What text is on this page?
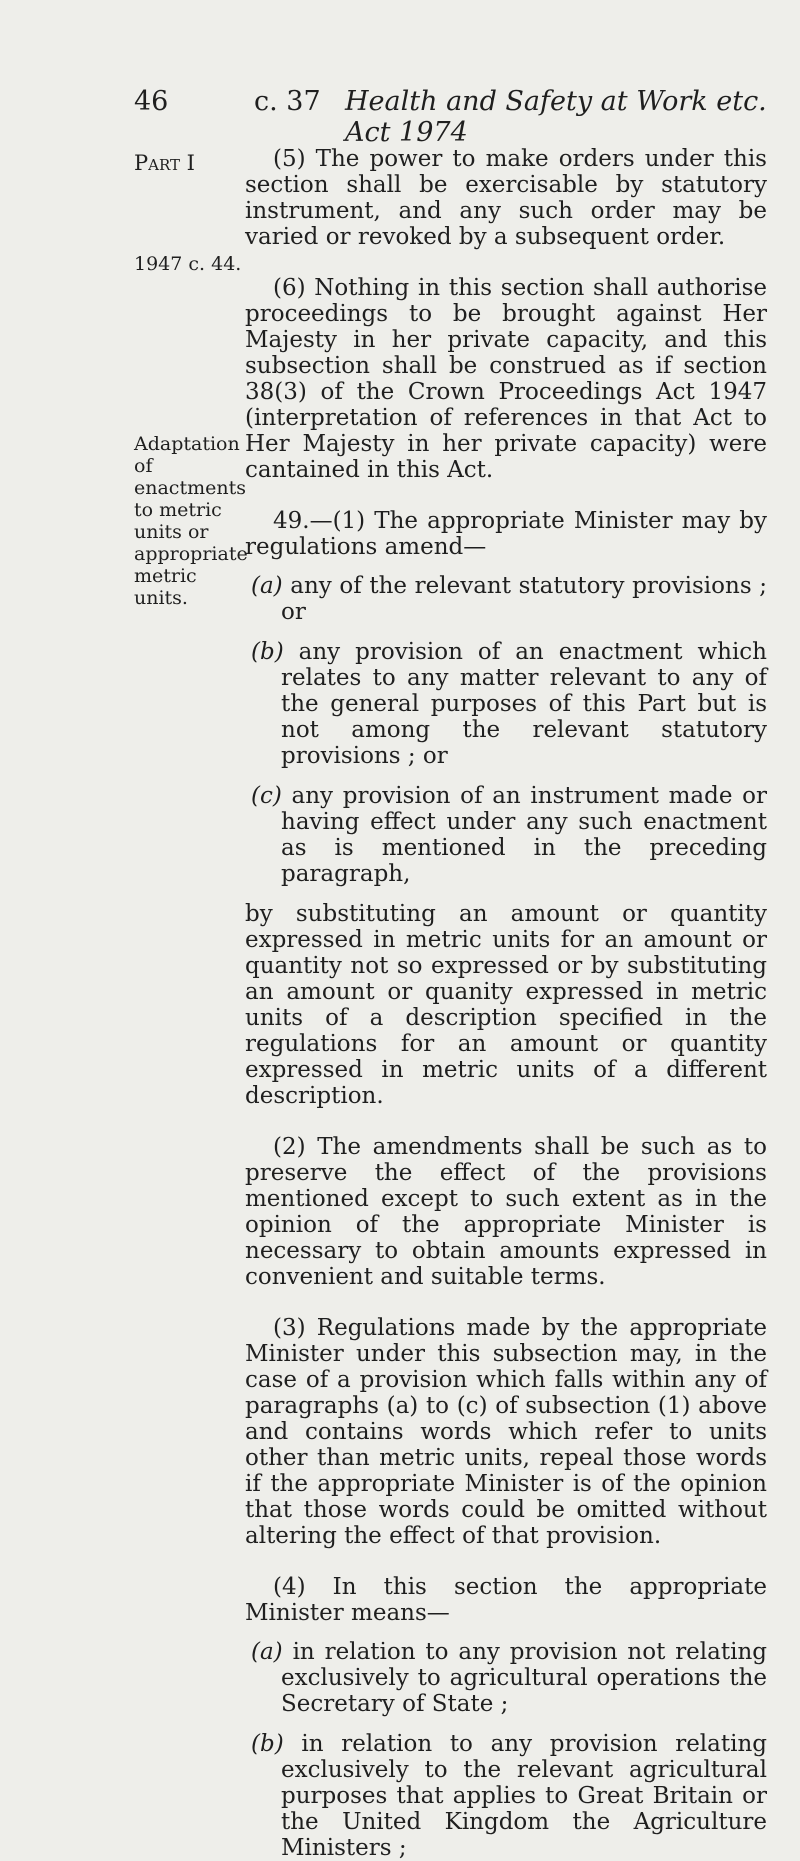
46	c. 37 Health and Safety at Work etc. Act 1974
Part I
1947 c. 44.
Adaptation of enactments to metric units or appropriate metric units.

(5) The power to make orders under this section shall be exercisable by statutory instrument, and any such order may be varied or revoked by a subsequent order.

(6) Nothing in this section shall authorise proceedings to be brought against Her Majesty in her private capacity, and this subsection shall be construed as if section 38(3) of the Crown Proceedings Act 1947 (interpretation of references in that Act to Her Majesty in her private capacity) were cantained in this Act.

49.—(1) The appropriate Minister may by regulations amend—

(a) any of the relevant statutory provisions ; or
(b) any provision of an enactment which relates to any matter relevant to any of the general purposes of this Part but is not among the relevant statutory provisions ; or
(c) any provision of an instrument made or having effect under any such enactment as is mentioned in the preceding paragraph,

by substituting an amount or quantity expressed in metric units for an amount or quantity not so expressed or by substituting an amount or quanity expressed in metric units of a description specified in the regulations for an amount or quantity expressed in metric units of a different description.

(2) The amendments shall be such as to preserve the effect of the provisions mentioned except to such extent as in the opinion of the appropriate Minister is necessary to obtain amounts expressed in convenient and suitable terms.

(3) Regulations made by the appropriate Minister under this subsection may, in the case of a provision which falls within any of paragraphs (a) to (c) of subsection (1) above and contains words which refer to units other than metric units, repeal those words if the appropriate Minister is of the opinion that those words could be omitted without altering the effect of that provision.

(4) In this section the appropriate Minister means—

(a) in relation to any provision not relating exclusively to agricultural operations the Secretary of State ;
(b) in relation to any provision relating exclusively to the relevant agricultural purposes that applies to Great Britain or the United Kingdom the Agriculture Ministers ;
